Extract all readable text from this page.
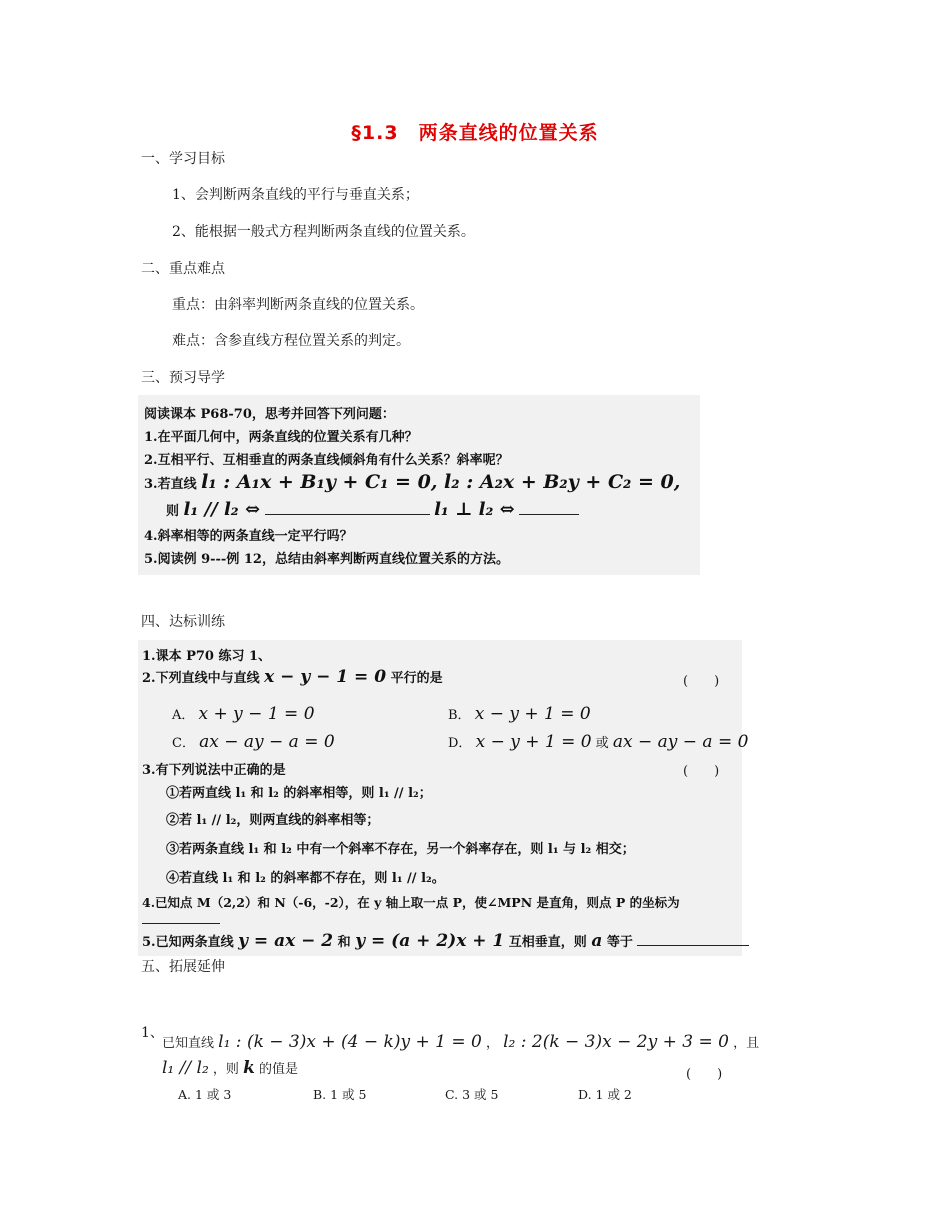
§1.3　两条直线的位置关系
一、学习目标
1、会判断两条直线的平行与垂直关系；
2、能根据一般式方程判断两条直线的位置关系。
二、重点难点
重点：由斜率判断两条直线的位置关系。
难点：含参直线方程位置关系的判定。
三、预习导学
阅读课本 P68-70，思考并回答下列问题：
1.在平面几何中，两条直线的位置关系有几种？
2.互相平行、互相垂直的两条直线倾斜角有什么关系？斜率呢？
3.若直线 l₁ : A₁x + B₁y + C₁ = 0, l₂ : A₂x + B₂y + C₂ = 0,
则 l₁ // l₂ ⇔	l₁ ⊥ l₂ ⇔
4.斜率相等的两条直线一定平行吗？
5.阅读例 9---例 12，总结由斜率判断两直线位置关系的方法。
四、达标训练
1.课本 P70 练习 1、
2.下列直线中与直线 x − y − 1 = 0 平行的是	(　　)
A． x + y − 1 = 0	B． x − y + 1 = 0
C． ax − ay − a = 0	D． x − y + 1 = 0 或 ax − ay − a = 0
3.有下列说法中正确的是	(　　)
①若两直线 l₁ 和 l₂ 的斜率相等，则 l₁ // l₂；
②若 l₁ // l₂，则两直线的斜率相等；
③若两条直线 l₁ 和 l₂ 中有一个斜率不存在，另一个斜率存在，则 l₁ 与 l₂ 相交；
④若直线 l₁ 和 l₂ 的斜率都不存在，则 l₁ // l₂。
4.已知点 M（2,2）和 N（-6，-2），在 y 轴上取一点 P，使∠MPN 是直角，则点 P 的坐标为
5.已知两条直线 y = ax − 2 和 y = (a + 2)x + 1 互相垂直，则 a 等于
五、拓展延伸
1、
已知直线 l₁ : (k − 3)x + (4 − k)y + 1 = 0 ， l₂ : 2(k − 3)x − 2y + 3 = 0 ，且
l₁ // l₂ ，则 k 的值是	(　　)
A. 1 或 3	B. 1 或 5	C. 3 或 5	D. 1 或 2
